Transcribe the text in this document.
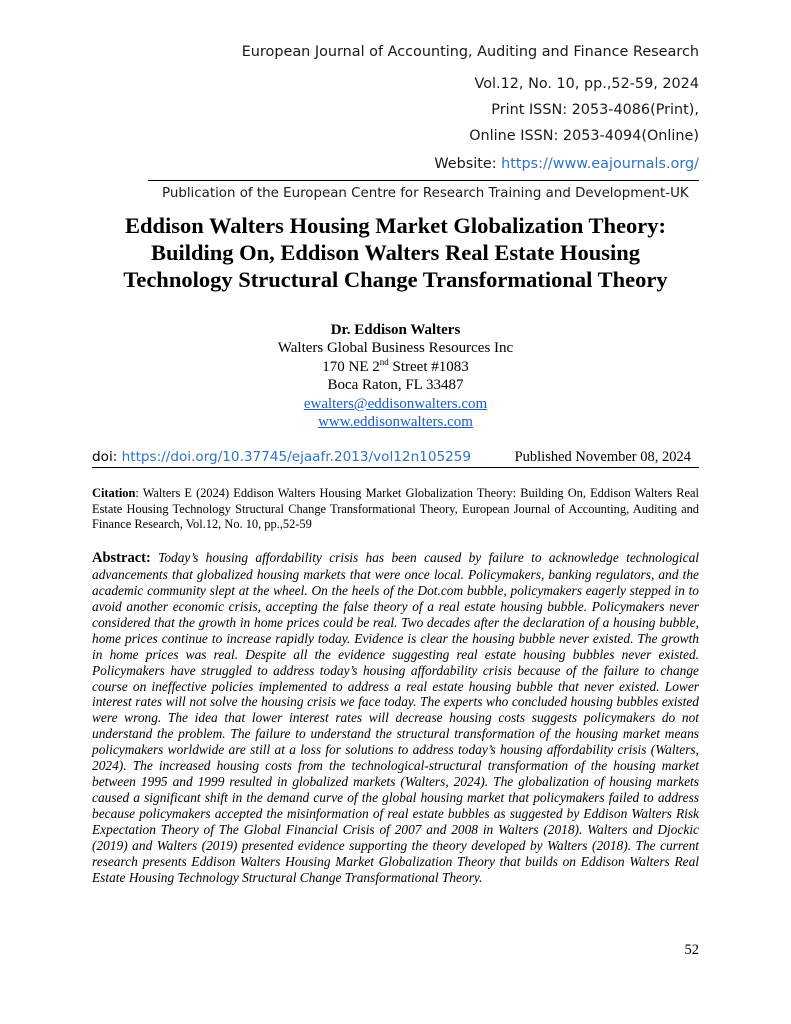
European Journal of Accounting, Auditing and Finance Research
Vol.12, No. 10, pp.,52-59, 2024
Print ISSN: 2053-4086(Print),
Online ISSN: 2053-4094(Online)
Website: https://www.eajournals.org/
Publication of the European Centre for Research Training and Development-UK
Eddison Walters Housing Market Globalization Theory:
Building On, Eddison Walters Real Estate Housing
Technology Structural Change Transformational Theory
Dr. Eddison Walters
Walters Global Business Resources Inc
170 NE 2nd Street #1083
Boca Raton, FL 33487
ewalters@eddisonwalters.com
www.eddisonwalters.com
doi: https://doi.org/10.37745/ejaafr.2013/vol12n105259	Published November 08, 2024
Citation: Walters E (2024) Eddison Walters Housing Market Globalization Theory: Building On, Eddison Walters Real Estate Housing Technology Structural Change Transformational Theory, European Journal of Accounting, Auditing and Finance Research, Vol.12, No. 10, pp.,52-59
Abstract: Today’s housing affordability crisis has been caused by failure to acknowledge technological advancements that globalized housing markets that were once local. Policymakers, banking regulators, and the academic community slept at the wheel. On the heels of the Dot.com bubble, policymakers eagerly stepped in to avoid another economic crisis, accepting the false theory of a real estate housing bubble. Policymakers never considered that the growth in home prices could be real. Two decades after the declaration of a housing bubble, home prices continue to increase rapidly today. Evidence is clear the housing bubble never existed. The growth in home prices was real. Despite all the evidence suggesting real estate housing bubbles never existed. Policymakers have struggled to address today’s housing affordability crisis because of the failure to change course on ineffective policies implemented to address a real estate housing bubble that never existed. Lower interest rates will not solve the housing crisis we face today. The experts who concluded housing bubbles existed were wrong. The idea that lower interest rates will decrease housing costs suggests policymakers do not understand the problem. The failure to understand the structural transformation of the housing market means policymakers worldwide are still at a loss for solutions to address today’s housing affordability crisis (Walters, 2024). The increased housing costs from the technological-structural transformation of the housing market between 1995 and 1999 resulted in globalized markets (Walters, 2024). The globalization of housing markets caused a significant shift in the demand curve of the global housing market that policymakers failed to address because policymakers accepted the misinformation of real estate bubbles as suggested by Eddison Walters Risk Expectation Theory of The Global Financial Crisis of 2007 and 2008 in Walters (2018). Walters and Djockic (2019) and Walters (2019) presented evidence supporting the theory developed by Walters (2018). The current research presents Eddison Walters Housing Market Globalization Theory that builds on Eddison Walters Real Estate Housing Technology Structural Change Transformational Theory.
52
